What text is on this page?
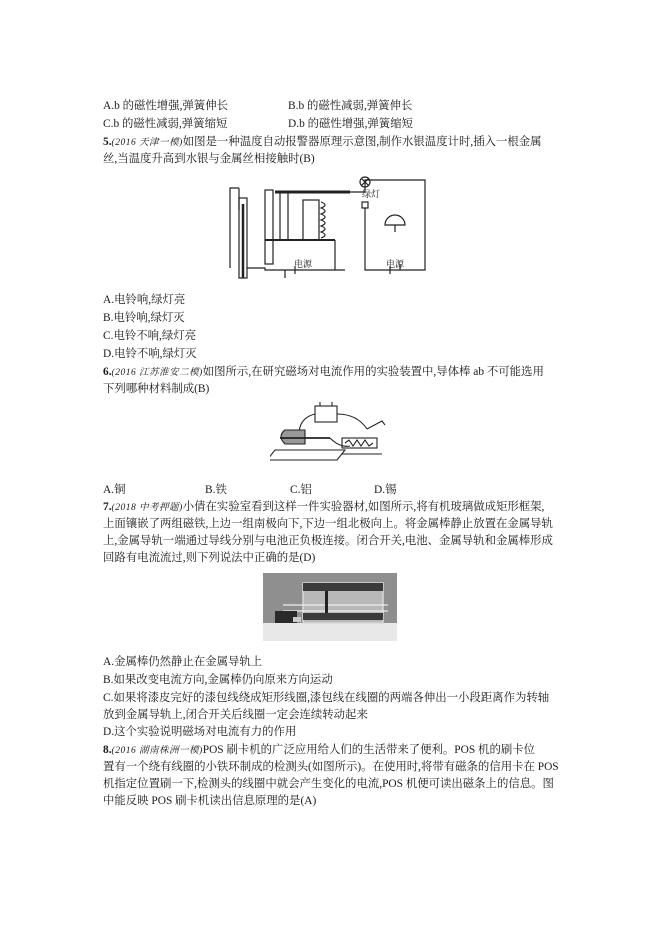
A.b 的磁性增强,弹簧伸长	B.b 的磁性减弱,弹簧伸长
C.b 的磁性减弱,弹簧缩短	D.b 的磁性增强,弹簧缩短
5.(2016 天津一模)如图是一种温度自动报警器原理示意图,制作水银温度计时,插入一根金属
丝,当温度升高到水银与金属丝相接触时(B)
绿灯
电源	电源
A.电铃响,绿灯亮
B.电铃响,绿灯灭
C.电铃不响,绿灯亮
D.电铃不响,绿灯灭
6.(2016 江苏淮安二模)如图所示,在研究磁场对电流作用的实验装置中,导体棒 ab 不可能选用
下列哪种材料制成(B)
A.铜	B.铁	C.铝	D.锡
7.(2018 中考押题)小倩在实验室看到这样一件实验器材,如图所示,将有机玻璃做成矩形框架,
上面镶嵌了两组磁铁,上边一组南极向下,下边一组北极向上。将金属棒静止放置在金属导轨
上,金属导轨一端通过导线分别与电池正负极连接。闭合开关,电池、金属导轨和金属棒形成
回路有电流流过,则下列说法中正确的是(D)
A.金属棒仍然静止在金属导轨上
B.如果改变电流方向,金属棒仍向原来方向运动
C.如果将漆皮完好的漆包线绕成矩形线圈,漆包线在线圈的两端各伸出一小段距离作为转轴
放到金属导轨上,闭合开关后线圈一定会连续转动起来
D.这个实验说明磁场对电流有力的作用
8.(2016 湖南株洲一模)POS 刷卡机的广泛应用给人们的生活带来了便利。POS 机的刷卡位
置有一个绕有线圈的小铁环制成的检测头(如图所示)。在使用时,将带有磁条的信用卡在 POS
机指定位置刷一下,检测头的线圈中就会产生变化的电流,POS 机便可读出磁条上的信息。图
中能反映 POS 刷卡机读出信息原理的是(A)
